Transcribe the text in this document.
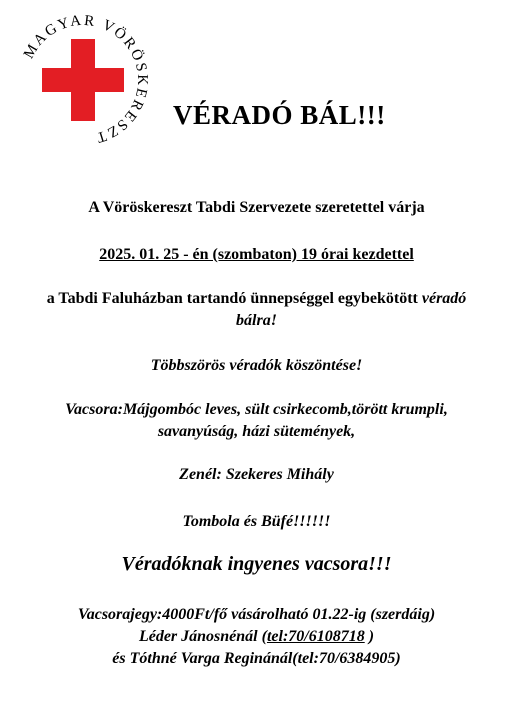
MAGYAR VÖRÖSKERESZT
VÉRADÓ BÁL!!!
A Vöröskereszt Tabdi Szervezete szeretettel várja
2025. 01. 25 - én (szombaton) 19 órai kezdettel
a Tabdi Faluházban tartandó ünnepséggel egybekötött véradó
bálra!
Többszörös véradók köszöntése!
Vacsora:Májgombóc leves, sült csirkecomb,törött krumpli,
savanyúság, házi sütemények,
Zenél: Szekeres Mihály
Tombola és Büfé!!!!!!
Véradóknak ingyenes vacsora!!!
Vacsorajegy:4000Ft/fő vásárolható 01.22-ig (szerdáig)
Léder Jánosnénál (tel:70/6108718 )
és Tóthné Varga Reginánál(tel:70/6384905)
